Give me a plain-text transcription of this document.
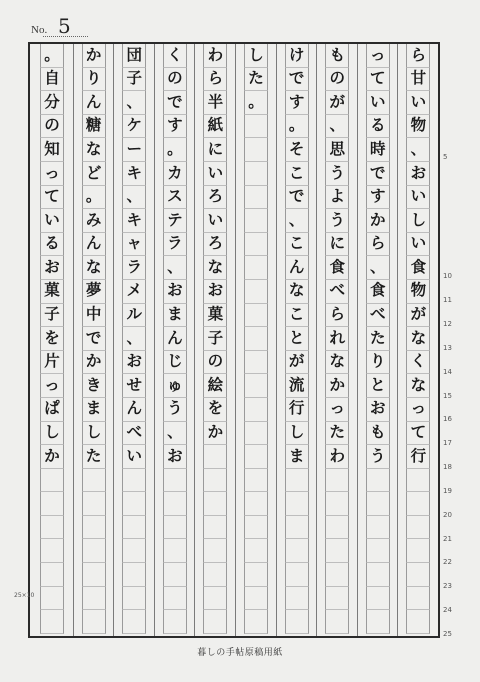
No. 5
ら
甘
い
物
、
お
い
し
い
食
物
が
な
く
な
っ
て
行
っ
て
い
る
時
で
す
か
ら
、
食
べ
た
り
と
お
も
う
も
の
が
、
思
う
よ
う
に
食
べ
ら
れ
な
か
っ
た
わ
け
で
す
。
そ
こ
で
、
こ
ん
な
こ
と
が
流
行
し
ま
し
た
。
わ
ら
半
紙
に
い
ろ
い
ろ
な
お
菓
子
の
絵
を
か
く
の
で
す
。
カ
ス
テ
ラ
、
お
ま
ん
じ
ゅ
う
、
お
団
子
、
ケ
ー
キ
、
キ
ャ
ラ
メ
ル
、
お
せ
ん
べ
い
か
り
ん
糖
な
ど
。
み
ん
な
夢
中
で
か
き
ま
し
た
。
自
分
の
知
っ
て
い
る
お
菓
子
を
片
っ
ぱ
し
か
5
10
11
12
13
14
15
16
17
18
19
20
21
22
23
24
25
25×10
暮しの手帖原稿用紙
